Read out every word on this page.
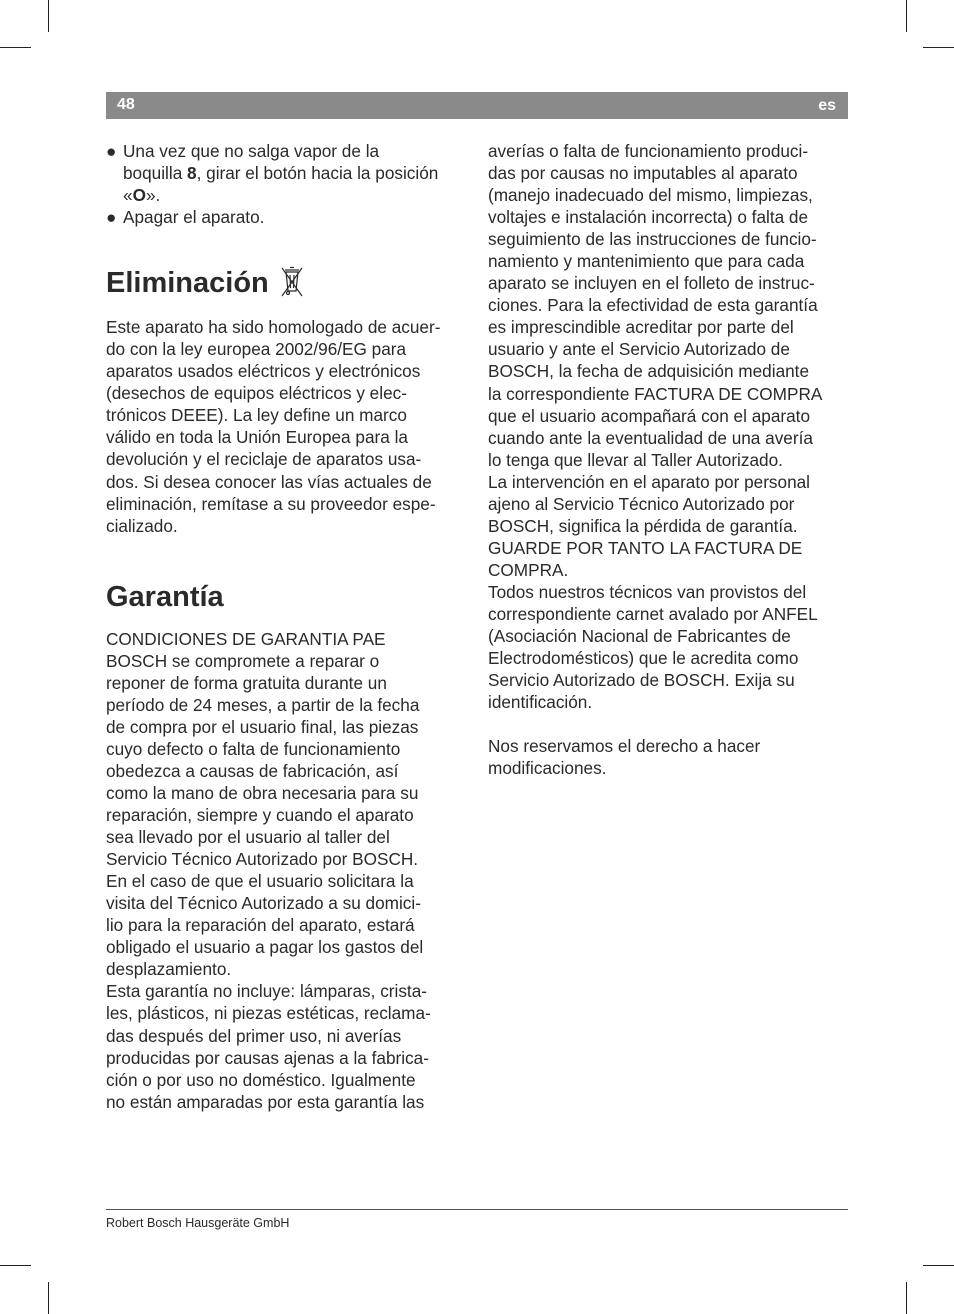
48	es
● Una vez que no salga vapor de la
boquilla 8, girar el botón hacia la posición
«O».
● Apagar el aparato.
Eliminación

Este aparato ha sido homologado de acuer-
do con la ley europea 2002/96/EG para
aparatos usados eléctricos y electrónicos
(desechos de equipos eléctricos y elec-
trónicos DEEE). La ley define un marco
válido en toda la Unión Europea para la
devolución y el reciclaje de aparatos usa-
dos. Si desea conocer las vías actuales de
eliminación, remítase a su proveedor espe-
cializado.

Garantía

CONDICIONES DE GARANTIA PAE
BOSCH se compromete a reparar o
reponer de forma gratuita durante un
período de 24 meses, a partir de la fecha
de compra por el usuario final, las piezas
cuyo defecto o falta de funcionamiento
obedezca a causas de fabricación, así
como la mano de obra necesaria para su
reparación, siempre y cuando el aparato
sea llevado por el usuario al taller del
Servicio Técnico Autorizado por BOSCH.
En el caso de que el usuario solicitara la
visita del Técnico Autorizado a su domici-
lio para la reparación del aparato, estará
obligado el usuario a pagar los gastos del
desplazamiento.
Esta garantía no incluye: lámparas, crista-
les, plásticos, ni piezas estéticas, reclama-
das después del primer uso, ni averías
producidas por causas ajenas a la fabrica-
ción o por uso no doméstico. Igualmente
no están amparadas por esta garantía las

averías o falta de funcionamiento produci-
das por causas no imputables al aparato
(manejo inadecuado del mismo, limpiezas,
voltajes e instalación incorrecta) o falta de
seguimiento de las instrucciones de funcio-
namiento y mantenimiento que para cada
aparato se incluyen en el folleto de instruc-
ciones. Para la efectividad de esta garantía
es imprescindible acreditar por parte del
usuario y ante el Servicio Autorizado de
BOSCH, la fecha de adquisición mediante
la correspondiente FACTURA DE COMPRA
que el usuario acompañará con el aparato
cuando ante la eventualidad de una avería
lo tenga que llevar al Taller Autorizado.
La intervención en el aparato por personal
ajeno al Servicio Técnico Autorizado por
BOSCH, significa la pérdida de garantía.
GUARDE POR TANTO LA FACTURA DE
COMPRA.
Todos nuestros técnicos van provistos del
correspondiente carnet avalado por ANFEL
(Asociación Nacional de Fabricantes de
Electrodomésticos) que le acredita como
Servicio Autorizado de BOSCH. Exija su
identificación.

Nos reservamos el derecho a hacer
modificaciones.

Robert Bosch Hausgeräte GmbH
